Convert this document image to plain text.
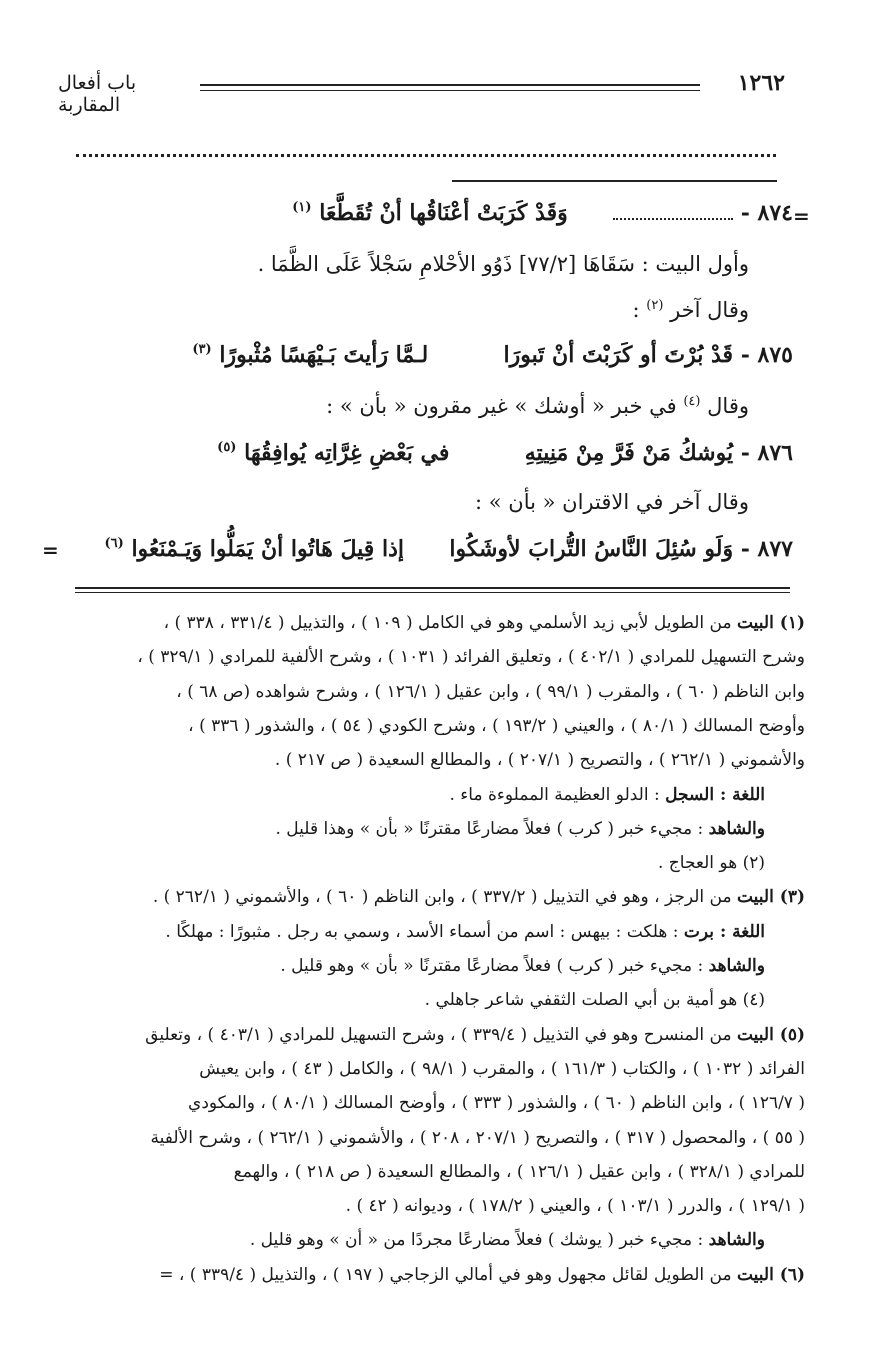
١٢٦٢
باب أفعال المقاربة
=
٨٧٤ -   وَقَدْ كَرَبَتْ أعْنَاقُها أنْ تُقَطَّعَا $^{(١)}$
وأول البيت : سَقَاهَا [٧٧/٢] ذَوُو الأحْلامِ سَجْلاً عَلَى الظَّمَا .
وقال آخر $^{(٢)}$ :
٨٧٥ - قَدْ بُرْتَ أو كَرَبْتَ أنْ تَبورَا  لـمَّا رَأيتَ بَـيْهَسًا مُثْبورًا $^{(٣)}$
وقال $^{(٤)}$ في خبر « أوشك » غير مقرون « بأن » :
٨٧٦ - يُوشكُ مَنْ فَرَّ مِنْ مَنِيتِهِ  في بَعْضِ غِرَّاتِه يُوافِقُهَا $^{(٥)}$
وقال آخر في الاقتران « بأن » :
٨٧٧ - وَلَو سُئِلَ النَّاسُ التُّرابَ لأوشَكُوا  إذا قِيلَ هَاتُوا أنْ يَمَلُّوا وَيَـمْنَعُوا $^{(٦)}$
=
(١) البيت من الطويل لأبي زيد الأسلمي وهو في الكامل ( ١٠٩ ) ، والتذييل ( ٣٣١/٤ ، ٣٣٨ ) ،
وشرح التسهيل للمرادي ( ٤٠٢/١ ) ، وتعليق الفرائد ( ١٠٣١ ) ، وشرح الألفية للمرادي ( ٣٢٩/١ ) ،
وابن الناظم ( ٦٠ ) ، والمقرب ( ٩٩/١ ) ، وابن عقيل ( ١٢٦/١ ) ، وشرح شواهده (ص ٦٨ ) ،
وأوضح المسالك ( ٨٠/١ ) ، والعيني ( ١٩٣/٢ ) ، وشرح الكودي ( ٥٤ ) ، والشذور ( ٣٣٦ ) ،
والأشموني ( ٢٦٢/١ ) ، والتصريح ( ٢٠٧/١ ) ، والمطالع السعيدة ( ص ٢١٧ ) .
اللغة : السجل : الدلو العظيمة المملوءة ماء .
والشاهد : مجيء خبر ( كرب ) فعلاً مضارعًا مقترنًا « بأن » وهذا قليل .
(٢) هو العجاج .
(٣) البيت من الرجز ، وهو في التذييل ( ٣٣٧/٢ ) ، وابن الناظم ( ٦٠ ) ، والأشموني ( ٢٦٢/١ ) .
اللغة : برت : هلكت : بيهس : اسم من أسماء الأسد ، وسمي به رجل . مثبورًا : مهلكًا .
والشاهد : مجيء خبر ( كرب ) فعلاً مضارعًا مقترنًا « بأن » وهو قليل .
(٤) هو أمية بن أبي الصلت الثقفي شاعر جاهلي .
(٥) البيت من المنسرح وهو في التذييل ( ٣٣٩/٤ ) ، وشرح التسهيل للمرادي ( ٤٠٣/١ ) ، وتعليق
الفرائد ( ١٠٣٢ ) ، والكتاب ( ١٦١/٣ ) ، والمقرب ( ٩٨/١ ) ، والكامل ( ٤٣ ) ، وابن يعيش
( ١٢٦/٧ ) ، وابن الناظم ( ٦٠ ) ، والشذور ( ٣٣٣ ) ، وأوضح المسالك ( ٨٠/١ ) ، والمكودي
( ٥٥ ) ، والمحصول ( ٣١٧ ) ، والتصريح ( ٢٠٧/١ ، ٢٠٨ ) ، والأشموني ( ٢٦٢/١ ) ، وشرح الألفية
للمرادي ( ٣٢٨/١ ) ، وابن عقيل ( ١٢٦/١ ) ، والمطالع السعيدة ( ص ٢١٨ ) ، والهمع
( ١٢٩/١ ) ، والدرر ( ١٠٣/١ ) ، والعيني ( ١٧٨/٢ ) ، وديوانه ( ٤٢ ) .
والشاهد : مجيء خبر ( يوشك ) فعلاً مضارعًا مجردًا من « أن » وهو قليل .
(٦) البيت من الطويل لقائل مجهول وهو في أمالي الزجاجي ( ١٩٧ ) ، والتذييل ( ٣٣٩/٤ ) ، =
